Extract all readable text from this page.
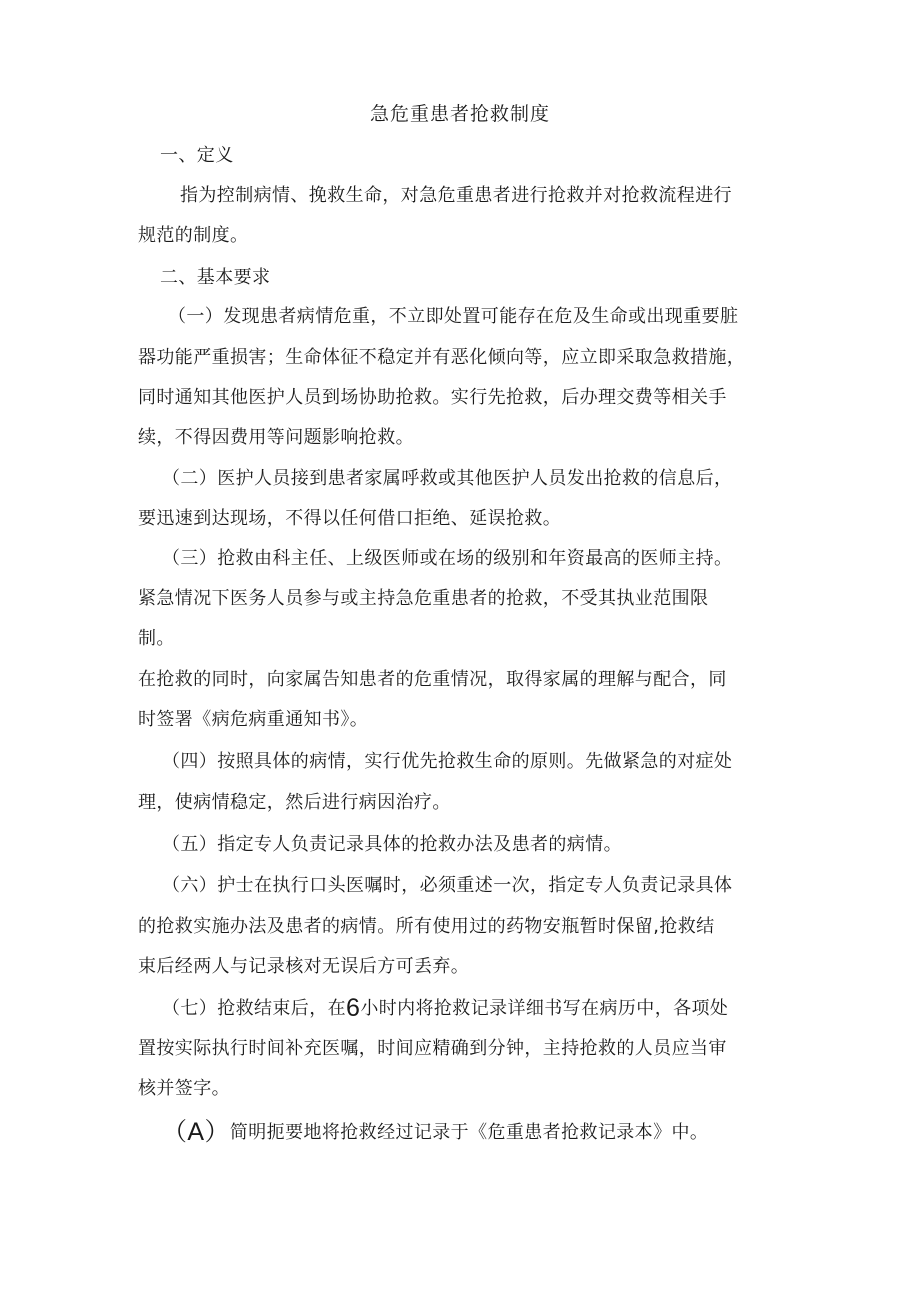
急危重患者抢救制度
一、定义
指为控制病情、挽救生命，对急危重患者进行抢救并对抢救流程进行
规范的制度。
二、基本要求
（一）发现患者病情危重，不立即处置可能存在危及生命或出现重要脏
器功能严重损害；生命体征不稳定并有恶化倾向等，应立即采取急救措施，
同时通知其他医护人员到场协助抢救。实行先抢救，后办理交费等相关手
续，不得因费用等问题影响抢救。
（二）医护人员接到患者家属呼救或其他医护人员发出抢救的信息后，
要迅速到达现场，不得以任何借口拒绝、延误抢救。
（三）抢救由科主任、上级医师或在场的级别和年资最高的医师主持。
紧急情况下医务人员参与或主持急危重患者的抢救，不受其执业范围限
制。
在抢救的同时，向家属告知患者的危重情况，取得家属的理解与配合，同
时签署《病危病重通知书》。
（四）按照具体的病情，实行优先抢救生命的原则。先做紧急的对症处
理，使病情稳定，然后进行病因治疗。
（五）指定专人负责记录具体的抢救办法及患者的病情。
（六）护士在执行口头医嘱时，必须重述一次，指定专人负责记录具体
的抢救实施办法及患者的病情。所有使用过的药物安瓶暂时保留,抢救结
束后经两人与记录核对无误后方可丢弃。
（七）抢救结束后，在6小时内将抢救记录详细书写在病历中，各项处
置按实际执行时间补充医嘱，时间应精确到分钟，主持抢救的人员应当审
核并签字。
（A）简明扼要地将抢救经过记录于《危重患者抢救记录本》中。
